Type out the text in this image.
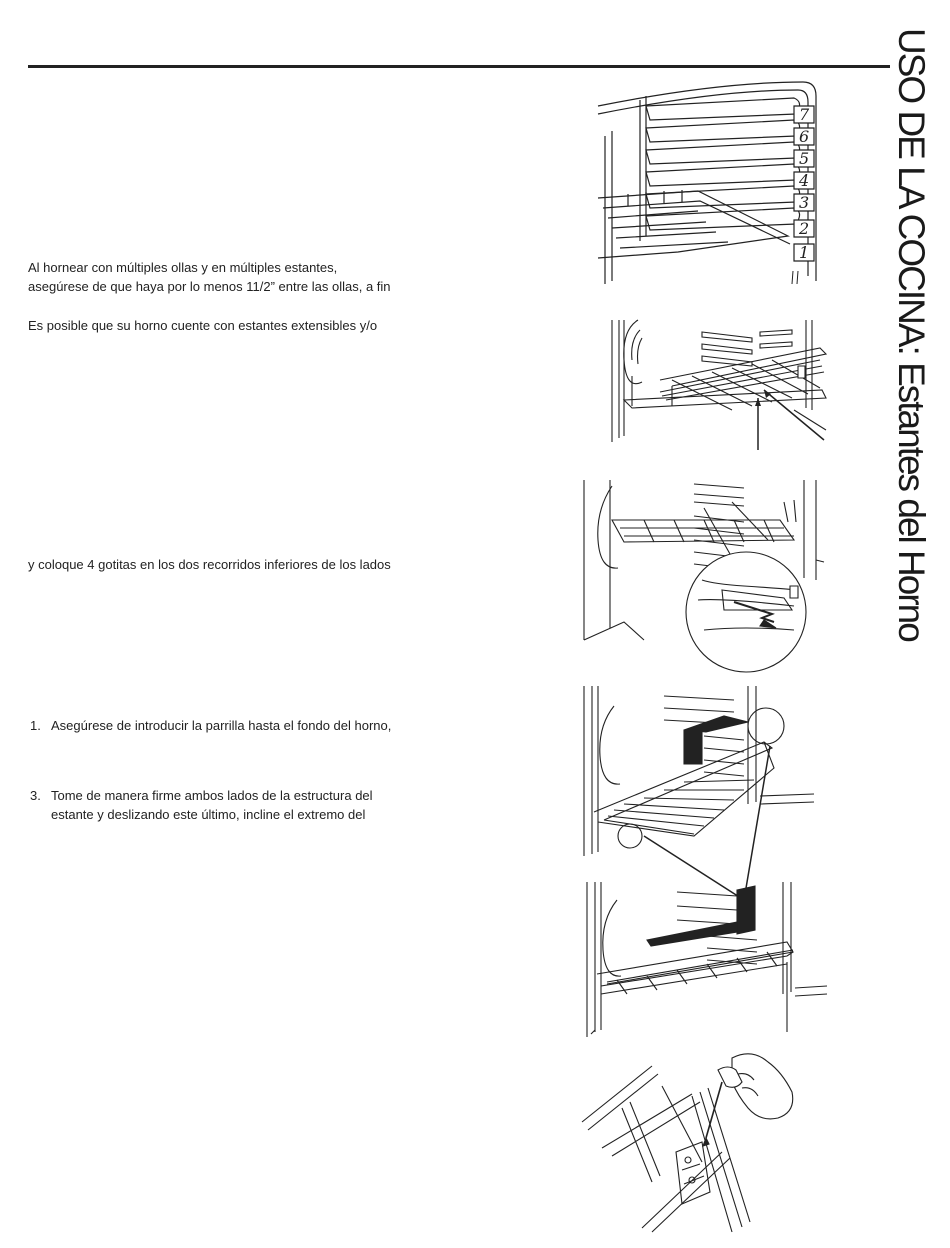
USO DE LA COCINA: Estantes del Horno
Al hornear con múltiples ollas y en múltiples estantes,
asegúrese de que haya por lo menos 11/2” entre las ollas, a fin
Es posible que su horno cuente con estantes extensibles y/o
y coloque 4 gotitas en los dos recorridos inferiores de los lados
1. Asegúrese de introducir la parrilla hasta el fondo del horno,
3. Tome de manera firme ambos lados de la estructura del
estante y deslizando este último, incline el extremo del
7
6
5
4
3
2
1
